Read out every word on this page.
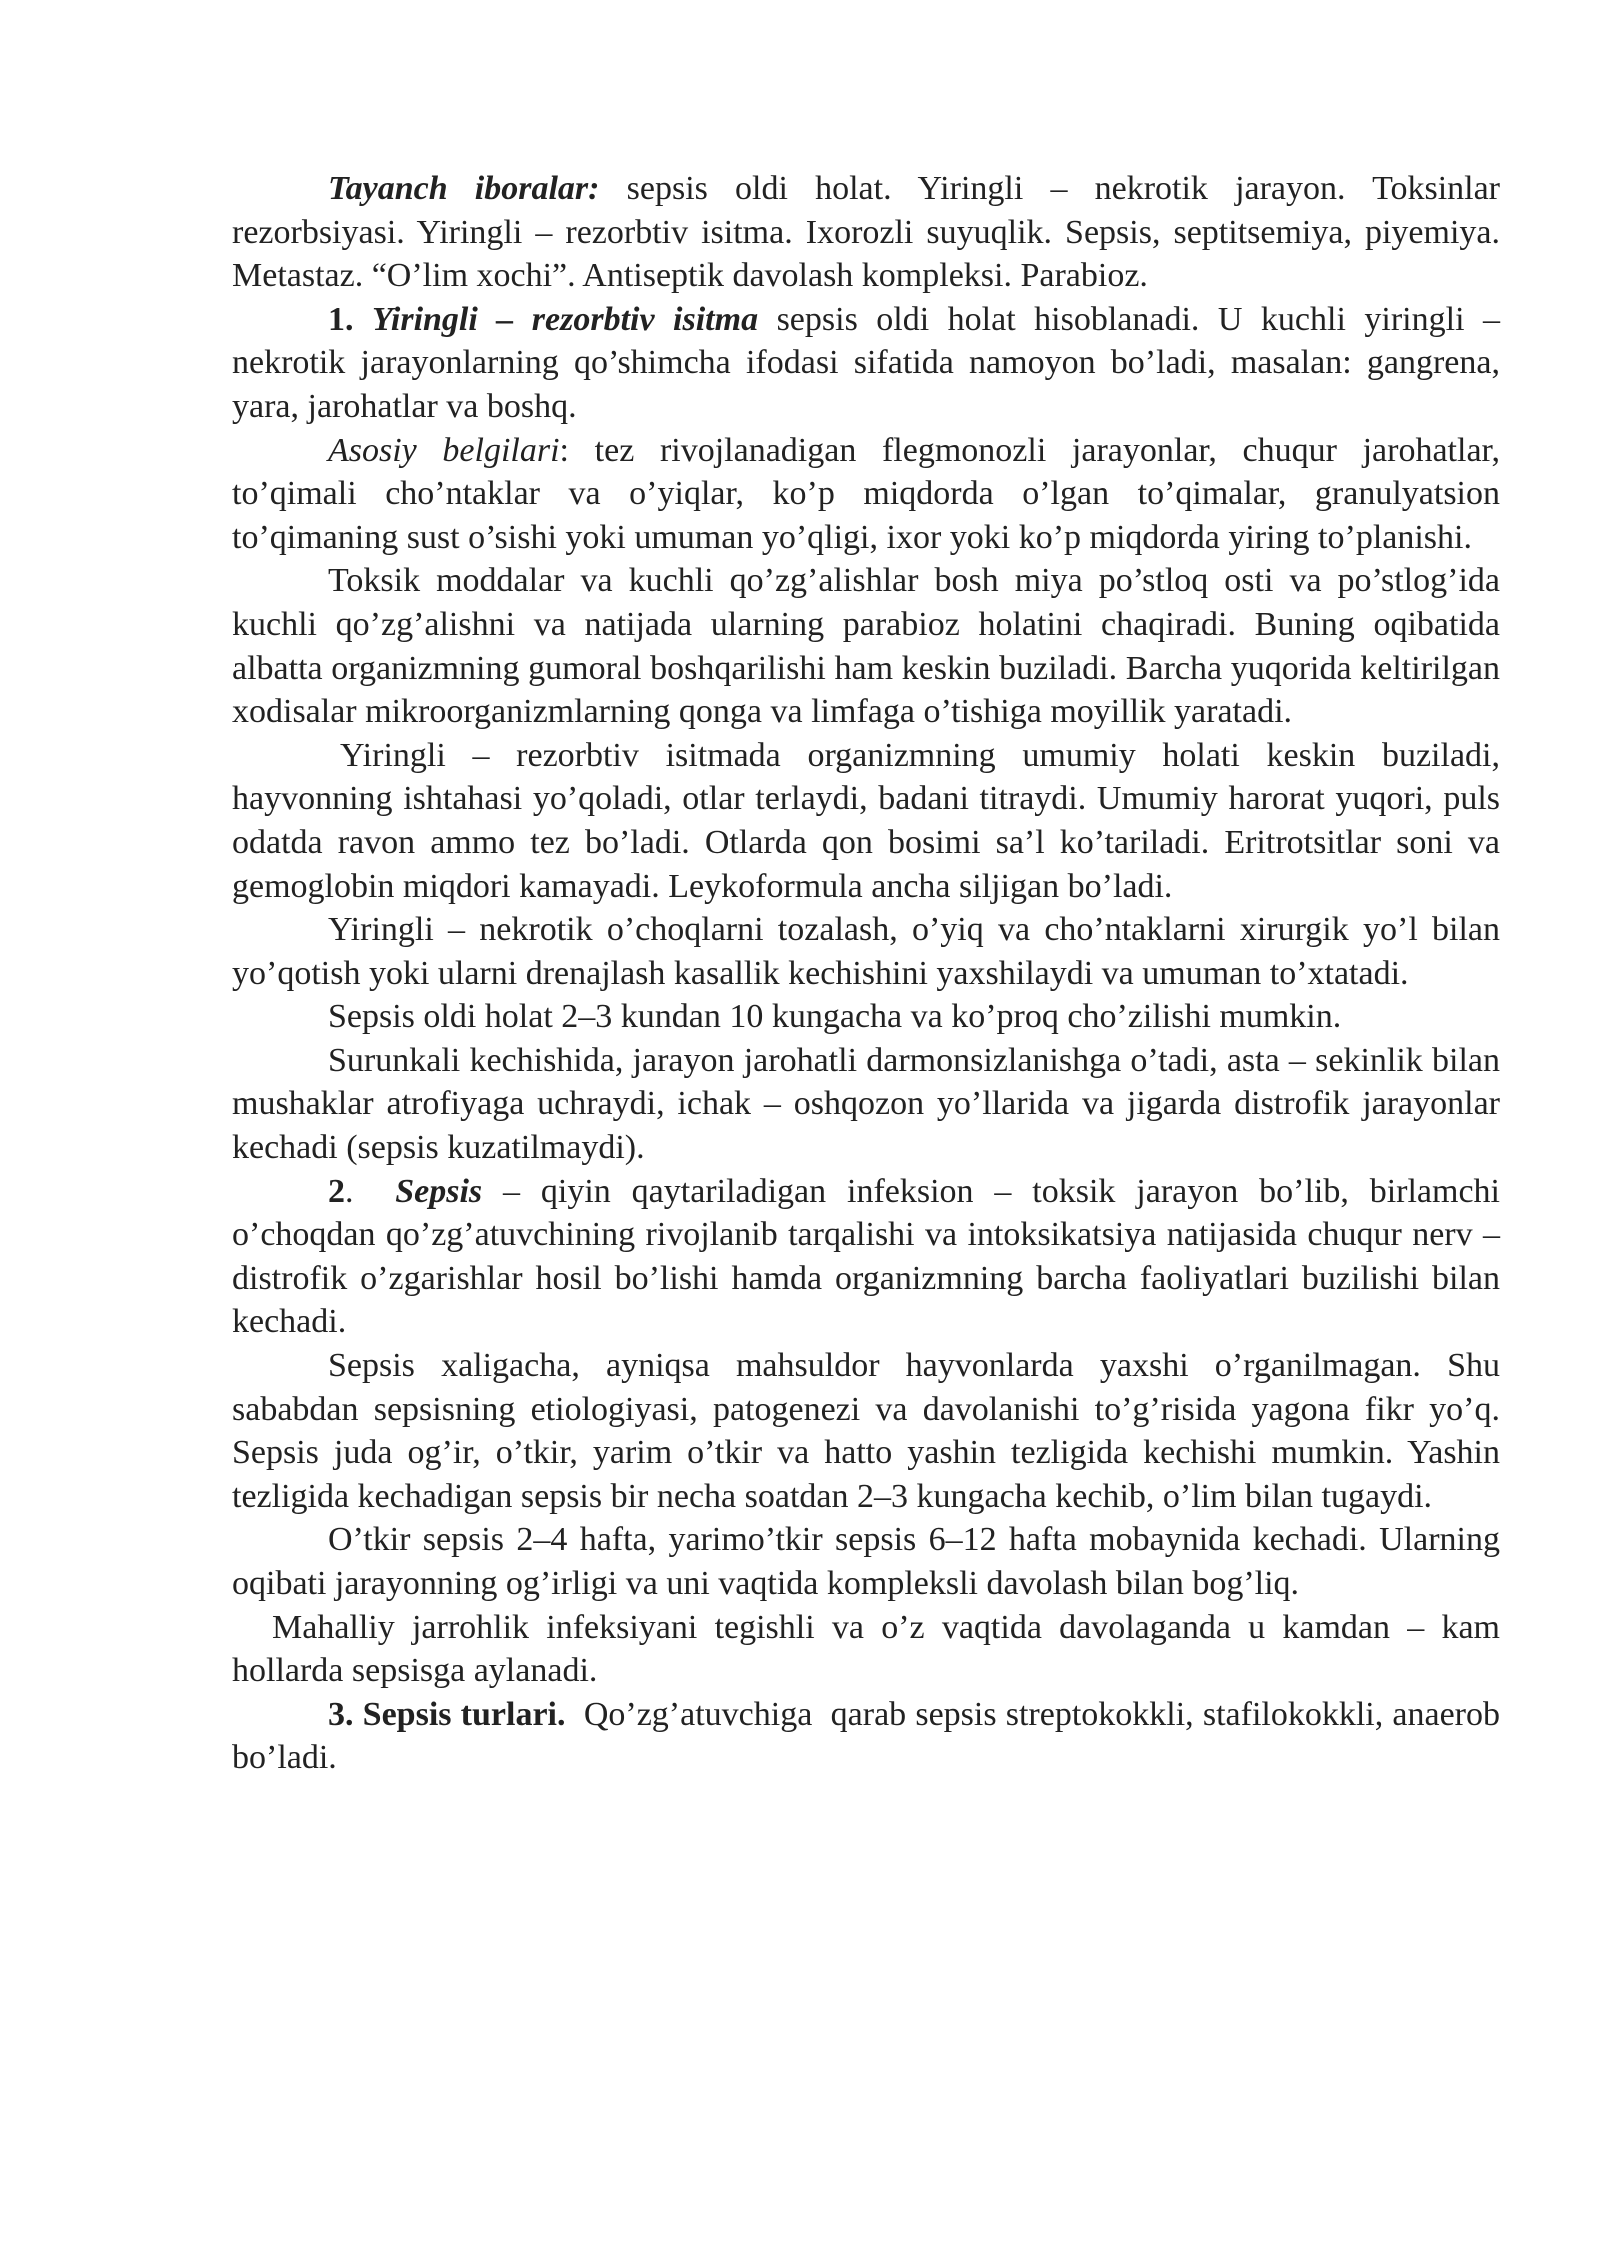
Tayanch iboralar: sepsis oldi holat. Yiringli – nekrotik jarayon. Toksinlar rezorbsiyasi. Yiringli – rezorbtiv isitma. Ixorozli suyuqlik. Sepsis, septitsemiya, piyemiya. Metastaz. “O’lim xochi”. Antiseptik davolash kompleksi. Parabioz.

1. Yiringli – rezorbtiv isitma sepsis oldi holat hisoblanadi. U kuchli yiringli – nekrotik jarayonlarning qo’shimcha ifodasi sifatida namoyon bo’ladi, masalan: gangrena, yara, jarohatlar va boshq.

Asosiy belgilari: tez rivojlanadigan flegmonozli jarayonlar, chuqur jarohatlar, to’qimali cho’ntaklar va o’yiqlar, ko’p miqdorda o’lgan to’qimalar, granulyatsion to’qimaning sust o’sishi yoki umuman yo’qligi, ixor yoki ko’p miqdorda yiring to’planishi.

Toksik moddalar va kuchli qo’zg’alishlar bosh miya po’stloq osti va po’stlog’ida kuchli qo’zg’alishni va natijada ularning parabioz holatini chaqiradi. Buning oqibatida albatta organizmning gumoral boshqarilishi ham keskin buziladi. Barcha yuqorida keltirilgan xodisalar mikroorganizmlarning qonga va limfaga o’tishiga moyillik yaratadi.

Yiringli – rezorbtiv isitmada organizmning umumiy holati keskin buziladi, hayvonning ishtahasi yo’qoladi, otlar terlaydi, badani titraydi. Umumiy harorat yuqori, puls odatda ravon ammo tez bo’ladi. Otlarda qon bosimi sa’l ko’tariladi. Eritrotsitlar soni va gemoglobin miqdori kamayadi. Leykoformula ancha siljigan bo’ladi.

Yiringli – nekrotik o’choqlarni tozalash, o’yiq va cho’ntaklarni xirurgik yo’l bilan yo’qotish yoki ularni drenajlash kasallik kechishini yaxshilaydi va umuman to’xtatadi.

Sepsis oldi holat 2–3 kundan 10 kungacha va ko’proq cho’zilishi mumkin.

Surunkali kechishida, jarayon jarohatli darmonsizlanishga o’tadi, asta – sekinlik bilan mushaklar atrofiyaga uchraydi, ichak – oshqozon yo’llarida va jigarda distrofik jarayonlar kechadi (sepsis kuzatilmaydi).

2.  Sepsis – qiyin qaytariladigan infeksion – toksik jarayon bo’lib, birlamchi o’choqdan qo’zg’atuvchining rivojlanib tarqalishi va intoksikatsiya natijasida chuqur nerv – distrofik o’zgarishlar hosil bo’lishi hamda organizmning barcha faoliyatlari buzilishi bilan kechadi.

Sepsis xaligacha, ayniqsa mahsuldor hayvonlarda yaxshi o’rganilmagan. Shu sababdan sepsisning etiologiyasi, patogenezi va davolanishi to’g’risida yagona fikr yo’q. Sepsis juda og’ir, o’tkir, yarim o’tkir va hatto yashin tezligida kechishi mumkin. Yashin tezligida kechadigan sepsis bir necha soatdan 2–3 kungacha kechib, o’lim bilan tugaydi.

O’tkir sepsis 2–4 hafta, yarimo’tkir sepsis 6–12 hafta mobaynida kechadi. Ularning oqibati jarayonning og’irligi va uni vaqtida kompleksli davolash bilan bog’liq.

Mahalliy jarrohlik infeksiyani tegishli va o’z vaqtida davolaganda u kamdan – kam hollarda sepsisga aylanadi.

3. Sepsis turlari.  Qo’zg’atuvchiga  qarab sepsis streptokokkli, stafilokokkli, anaerob bo’ladi.
